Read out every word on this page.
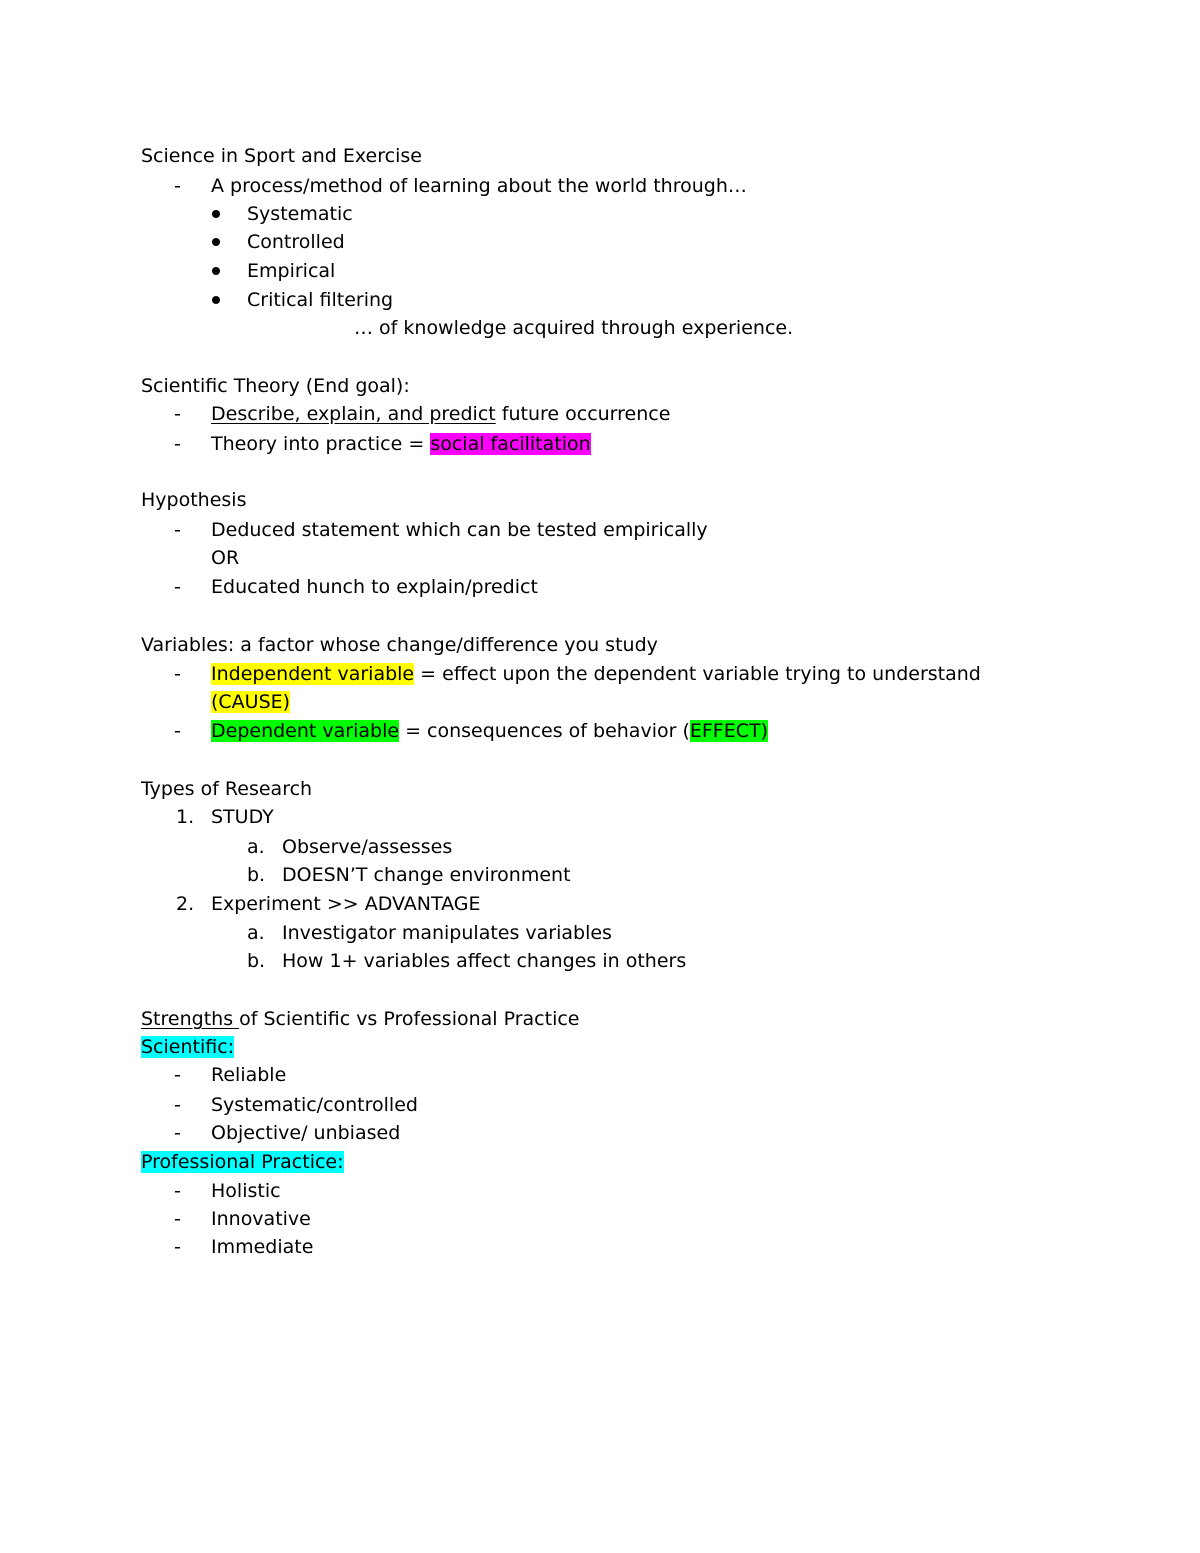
Science in Sport and Exercise
- A process/method of learning about the world through…
Systematic
Controlled
Empirical
Critical filtering
… of knowledge acquired through experience.
Scientific Theory (End goal):
- Describe, explain, and predict future occurrence
- Theory into practice = social facilitation
Hypothesis
- Deduced statement which can be tested empirically
OR
- Educated hunch to explain/predict
Variables: a factor whose change/difference you study
- Independent variable = effect upon the dependent variable trying to understand
(CAUSE)
- Dependent variable = consequences of behavior (EFFECT)
Types of Research
1. STUDY
a. Observe/assesses
b. DOESN’T change environment
2. Experiment >> ADVANTAGE
a. Investigator manipulates variables
b. How 1+ variables affect changes in others
Strengths of Scientific vs Professional Practice
Scientific:
- Reliable
- Systematic/controlled
- Objective/ unbiased
Professional Practice:
- Holistic
- Innovative
- Immediate
